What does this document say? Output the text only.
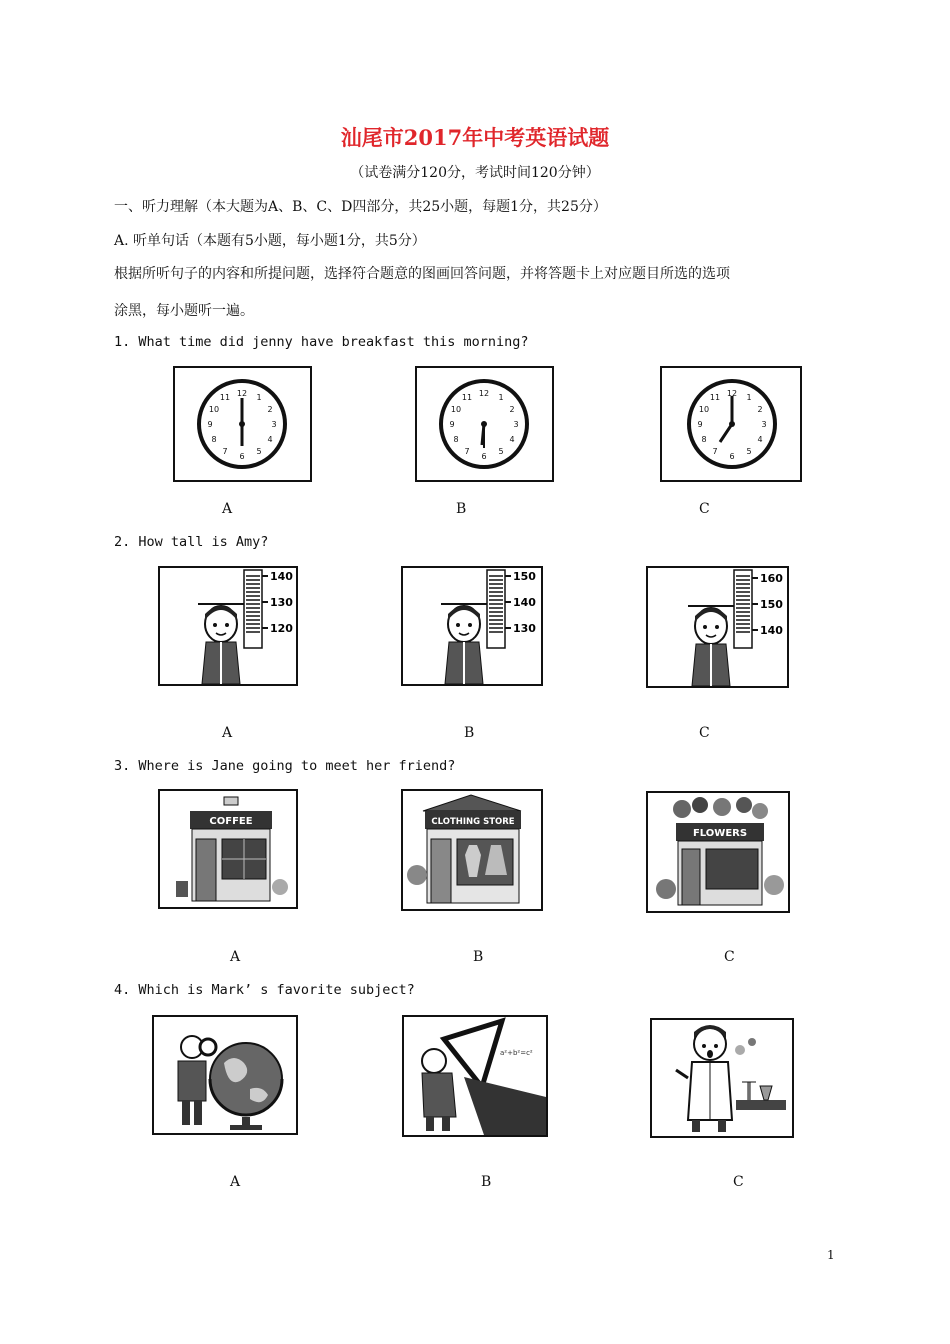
汕尾市2017年中考英语试题
（试卷满分120分，考试时间120分钟）
一、听力理解（本大题为A、B、C、D四部分，共25小题，每题1分，共25分）
A. 听单句话（本题有5小题，每小题1分，共5分）
根据所听句子的内容和所提问题，选择符合题意的图画回答问题，并将答题卡上对应题目所选的选项
涂黑，每小题听一遍。
1. What time did jenny have breakfast this morning?
12 1
2
3
4
5
6
7
8
9
10
11	12 1
2
3
4
5
6
7
8
9
10
11	12 1
2
3
4
5
6
7
8
9
10
11
A	B	C
2. How tall is Amy?
140
130
120
150
140
130
160
150
140
A	B	C
3. Where is Jane going to meet her friend?
COFFEE	CLOTHING STORE
FLOWERS
A	B	C
4. Which is Mark’ s favorite subject?
a²+b²=c²
A	B	C
1
